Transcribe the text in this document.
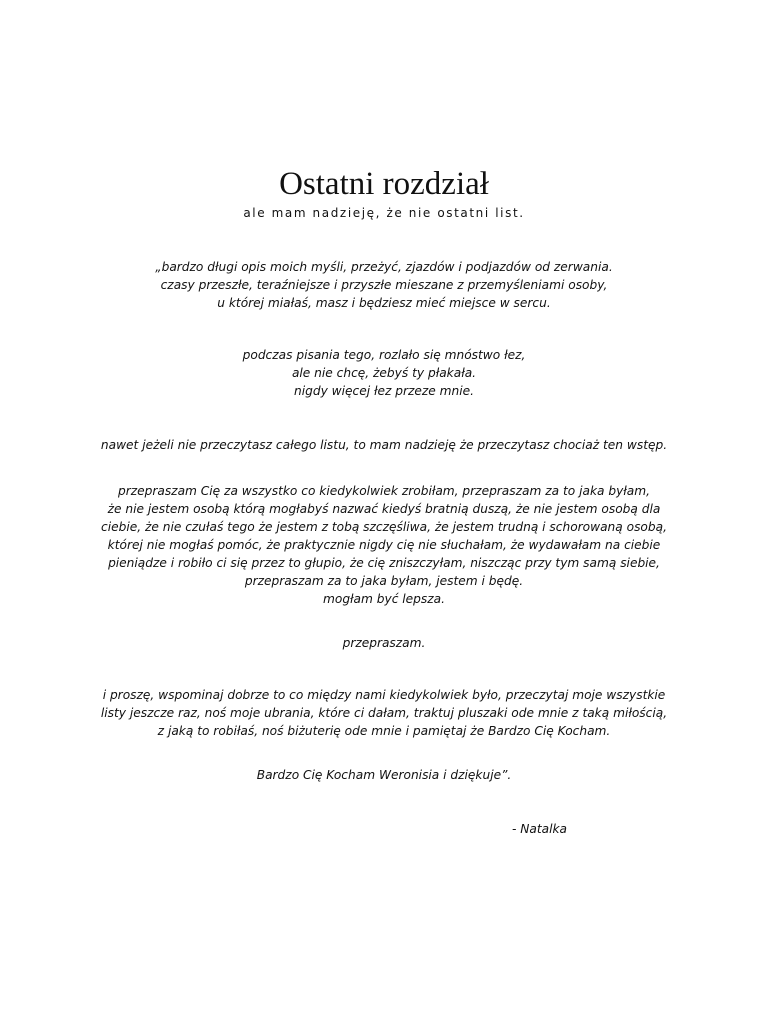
Ostatni rozdział
ale mam nadzieję, że nie ostatni list.
„bardzo długi opis moich myśli, przeżyć, zjazdów i podjazdów od zerwania.
czasy przeszłe, teraźniejsze i przyszłe mieszane z przemyśleniami osoby,
u której miałaś, masz i będziesz mieć miejsce w sercu.
podczas pisania tego, rozlało się mnóstwo łez,
ale nie chcę, żebyś ty płakała.
nigdy więcej łez przeze mnie.
nawet jeżeli nie przeczytasz całego listu, to mam nadzieję że przeczytasz chociaż ten wstęp.
przepraszam Cię za wszystko co kiedykolwiek zrobiłam, przepraszam za to jaka byłam,
że nie jestem osobą którą mogłabyś nazwać kiedyś bratnią duszą, że nie jestem osobą dla
ciebie, że nie czułaś tego że jestem z tobą szczęśliwa, że jestem trudną i schorowaną osobą,
której nie mogłaś pomóc, że praktycznie nigdy cię nie słuchałam, że wydawałam na ciebie
pieniądze i robiło ci się przez to głupio, że cię zniszczyłam, niszcząc przy tym samą siebie,
przepraszam za to jaka byłam, jestem i będę.
mogłam być lepsza.
przepraszam.
i proszę, wspominaj dobrze to co między nami kiedykolwiek było, przeczytaj moje wszystkie
listy jeszcze raz, noś moje ubrania, które ci dałam, traktuj pluszaki ode mnie z taką miłością,
z jaką to robiłaś, noś biżuterię ode mnie i pamiętaj że Bardzo Cię Kocham.
Bardzo Cię Kocham Weronisia i dziękuje”.
- Natalka
